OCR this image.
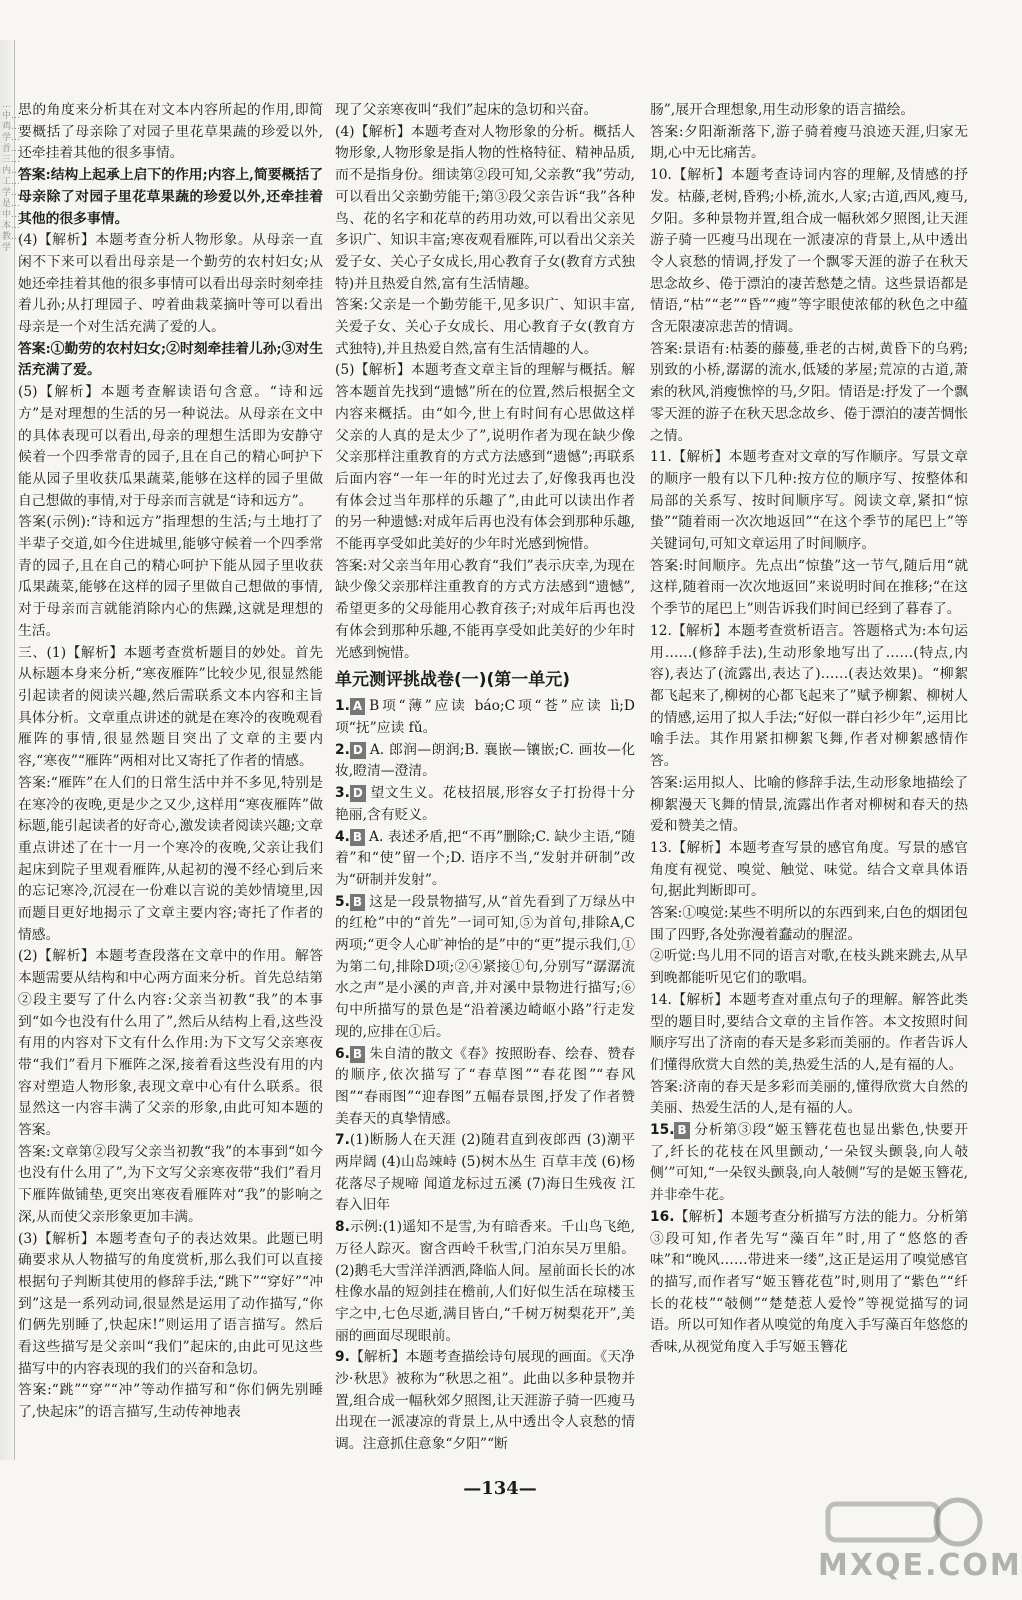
…中…鸡…学…首…三…内…工…学…是…中…本…教…学

思的角度来分析其在对文本内容所起的作用,即简要概括了母亲除了对园子里花草果蔬的珍爱以外,还牵挂着其他的很多事情。

答案:结构上起承上启下的作用;内容上,简要概括了母亲除了对园子里花草果蔬的珍爱以外,还牵挂着其他的很多事情。

(4)【解析】本题考查分析人物形象。从母亲一直闲不下来可以看出母亲是一个勤劳的农村妇女;从她还牵挂着其他的很多事情可以看出母亲时刻牵挂着儿孙;从打理园子、哼着曲栽菜摘叶等可以看出母亲是一个对生活充满了爱的人。

答案:①勤劳的农村妇女;②时刻牵挂着儿孙;③对生活充满了爱。

(5)【解析】本题考查解读语句含意。“诗和远方”是对理想的生活的另一种说法。从母亲在文中的具体表现可以看出,母亲的理想生活即为安静守候着一个四季常青的园子,且在自己的精心呵护下能从园子里收获瓜果蔬菜,能够在这样的园子里做自己想做的事情,对于母亲而言就是“诗和远方”。

答案(示例):“诗和远方”指理想的生活;与土地打了半辈子交道,如今住进城里,能够守候着一个四季常青的园子,且在自己的精心呵护下能从园子里收获瓜果蔬菜,能够在这样的园子里做自己想做的事情,对于母亲而言就能消除内心的焦躁,这就是理想的生活。

三、(1)【解析】本题考查赏析题目的妙处。首先从标题本身来分析,“寒夜雁阵”比较少见,很显然能引起读者的阅读兴趣,然后需联系文本内容和主旨具体分析。文章重点讲述的就是在寒冷的夜晚观看雁阵的事情,很显然题目突出了文章的主要内容,“寒夜”“雁阵”两相对比又寄托了作者的情感。

答案:“雁阵”在人们的日常生活中并不多见,特别是在寒冷的夜晚,更是少之又少,这样用“寒夜雁阵”做标题,能引起读者的好奇心,激发读者阅读兴趣;文章重点讲述了在十一月一个寒冷的夜晚,父亲让我们起床到院子里观看雁阵,从起初的漫不经心到后来的忘记寒冷,沉浸在一份难以言说的美妙情境里,因而题目更好地揭示了文章主要内容;寄托了作者的情感。

(2)【解析】本题考查段落在文章中的作用。解答本题需要从结构和中心两方面来分析。首先总结第②段主要写了什么内容:父亲当初教“我”的本事到“如今也没有什么用了”,然后从结构上看,这些没有用的内容对下文有什么作用:为下文写父亲寒夜带“我们”看月下雁阵之深,接着看这些没有用的内容对塑造人物形象,表现文章中心有什么联系。很显然这一内容丰满了父亲的形象,由此可知本题的答案。

答案:文章第②段写父亲当初教“我”的本事到“如今也没有什么用了”,为下文写父亲寒夜带“我们”看月下雁阵做铺垫,更突出寒夜看雁阵对“我”的影响之深,从而使父亲形象更加丰满。

(3)【解析】本题考查句子的表达效果。此题已明确要求从人物描写的角度赏析,那么我们可以直接根据句子判断其使用的修辞手法,“跳下”“穿好”“冲到”这是一系列动词,很显然是运用了动作描写,“你们俩先别睡了,快起床!”则运用了语言描写。然后看这些描写是父亲叫“我们”起床的,由此可见这些描写中的内容表现的我们的兴奋和急切。

答案:“跳”“穿”“冲”等动作描写和“你们俩先别睡了,快起床”的语言描写,生动传神地表

现了父亲寒夜叫“我们”起床的急切和兴奋。

(4)【解析】本题考查对人物形象的分析。概括人物形象,人物形象是指人物的性格特征、精神品质,而不是指身份。细读第②段可知,父亲教“我”劳动,可以看出父亲勤劳能干;第③段父亲告诉“我”各种鸟、花的名字和花草的药用功效,可以看出父亲见多识广、知识丰富;寒夜观看雁阵,可以看出父亲关爱子女、关心子女成长,用心教育子女(教育方式独特)并且热爱自然,富有生活情趣。

答案:父亲是一个勤劳能干,见多识广、知识丰富,关爱子女、关心子女成长、用心教育子女(教育方式独特),并且热爱自然,富有生活情趣的人。

(5)【解析】本题考查文章主旨的理解与概括。解答本题首先找到“遗憾”所在的位置,然后根据全文内容来概括。由“如今,世上有时间有心思做这样父亲的人真的是太少了”,说明作者为现在缺少像父亲那样注重教育的方式方法感到“遗憾”;再联系后面内容“一年一年的时光过去了,好像我再也没有体会过当年那样的乐趣了”,由此可以读出作者的另一种遗憾:对成年后再也没有体会到那种乐趣,不能再享受如此美好的少年时光感到惋惜。

答案:对父亲当年用心教育“我们”表示庆幸,为现在缺少像父亲那样注重教育的方式方法感到“遗憾”,希望更多的父母能用心教育孩子;对成年后再也没有体会到那种乐趣,不能再享受如此美好的少年时光感到惋惜。

单元测评挑战卷(一)(第一单元)

1. A B项“薄”应读 báo;C项“苍”应读 lì;D项“抚”应读 fǔ。

2. D A. 郎润—朗润;B. 襄嵌—镶嵌;C. 画妆—化妆,瞪清—澄清。

3. D 望文生义。花枝招展,形容女子打扮得十分艳丽,含有贬义。

4. B A. 表述矛盾,把“不再”删除;C. 缺少主语,“随着”和“使”留一个;D. 语序不当,“发射并研制”改为“研制并发射”。

5. B 这是一段景物描写,从“首先看到了万绿丛中的红枪”中的“首先”一词可知,⑤为首句,排除A,C两项;“更令人心旷神怡的是”中的“更”提示我们,①为第二句,排除D项;②④紧接①句,分别写“潺潺流水之声”是小溪的声音,并对溪中景物进行描写;⑥句中所描写的景色是“沿着溪边崎岖小路”行走发现的,应排在①后。

6. B 朱自清的散文《春》按照盼春、绘春、赞春的顺序,依次描写了“春草图”“春花图”“春风图”“春雨图”“迎春图”五幅春景图,抒发了作者赞美春天的真挚情感。

7.(1)断肠人在天涯 (2)随君直到夜郎西 (3)潮平两岸阔 (4)山岛竦峙 (5)树木丛生 百草丰茂 (6)杨花落尽子规啼 闻道龙标过五溪 (7)海日生残夜 江春入旧年

8.示例:(1)遥知不是雪,为有暗香来。千山鸟飞绝,万径人踪灭。窗含西岭千秋雪,门泊东吴万里船。(2)鹅毛大雪洋洋洒洒,降临人间。屋前面长长的冰柱像水晶的短剑挂在檐前,人们好似生活在琼楼玉宇之中,七色尽逝,满目皆白,“千树万树梨花开”,美丽的画面尽现眼前。

9.【解析】本题考查描绘诗句展现的画面。《天净沙·秋思》被称为“秋思之祖”。此曲以多种景物并置,组合成一幅秋郊夕照图,让天涯游子骑一匹瘦马出现在一派凄凉的背景上,从中透出令人哀愁的情调。注意抓住意象“夕阳”“断

肠”,展开合理想象,用生动形象的语言描绘。

答案:夕阳渐渐落下,游子骑着瘦马浪迹天涯,归家无期,心中无比痛苦。

10.【解析】本题考查诗词内容的理解,及情感的抒发。枯藤,老树,昏鸦;小桥,流水,人家;古道,西风,瘦马,夕阳。多种景物并置,组合成一幅秋郊夕照图,让天涯游子骑一匹瘦马出现在一派凄凉的背景上,从中透出令人哀愁的情调,抒发了一个飘零天涯的游子在秋天思念故乡、倦于漂泊的凄苦愁楚之情。这些景语都是情语,“枯”“老”“昏”“瘦”等字眼使浓郁的秋色之中蕴含无限凄凉悲苦的情调。

答案:景语有:枯萎的藤蔓,垂老的古树,黄昏下的乌鸦;别致的小桥,潺潺的流水,低矮的茅屋;荒凉的古道,萧索的秋风,消瘦憔悴的马,夕阳。情语是:抒发了一个飘零天涯的游子在秋天思念故乡、倦于漂泊的凄苦惆怅之情。

11.【解析】本题考查对文章的写作顺序。写景文章的顺序一般有以下几种:按方位的顺序写、按整体和局部的关系写、按时间顺序写。阅读文章,紧扣“惊蛰”“随着雨一次次地返回”“在这个季节的尾巴上”等关键词句,可知文章运用了时间顺序。

答案:时间顺序。先点出“惊蛰”这一节气,随后用“就这样,随着雨一次次地返回”来说明时间在推移;“在这个季节的尾巴上”则告诉我们时间已经到了暮春了。

12.【解析】本题考查赏析语言。答题格式为:本句运用……(修辞手法),生动形象地写出了……(特点,内容),表达了(流露出,表达了)……(表达效果)。“柳絮都飞起来了,柳树的心都飞起来了”赋予柳絮、柳树人的情感,运用了拟人手法;“好似一群白衫少年”,运用比喻手法。其作用紧扣柳絮飞舞,作者对柳絮感情作答。

答案:运用拟人、比喻的修辞手法,生动形象地描绘了柳絮漫天飞舞的情景,流露出作者对柳树和春天的热爱和赞美之情。

13.【解析】本题考查写景的感官角度。写景的感官角度有视觉、嗅觉、触觉、味觉。结合文章具体语句,据此判断即可。

答案:①嗅觉:某些不明所以的东西到来,白色的烟团包围了四野,各处弥漫着蠢动的腥涩。

②听觉:鸟儿用不同的语言对歌,在枝头跳来跳去,从早到晚都能听见它们的歌唱。

14.【解析】本题考查对重点句子的理解。解答此类型的题目时,要结合文章的主旨作答。本文按照时间顺序写出了济南的春天是多彩而美丽的。作者告诉人们懂得欣赏大自然的美,热爱生活的人,是有福的人。

答案:济南的春天是多彩而美丽的,懂得欣赏大自然的美丽、热爱生活的人,是有福的人。

15. B 分析第③段“姬玉簪花苞也显出紫色,快要开了,纤长的花枝在风里颤动,‘一朵钗头颤袅,向人攲侧’”可知,“一朵钗头颤袅,向人攲侧”写的是姬玉簪花,并非牵牛花。

16.【解析】本题考查分析描写方法的能力。分析第③段可知,作者先写“藻百年”时,用了“悠悠的香味”和“晚风……带进来一缕”,这正是运用了嗅觉感官的描写,而作者写“姬玉簪花苞”时,则用了“紫色”“纤长的花枝”“攲侧”“楚楚惹人爱怜”等视觉描写的词语。所以可知作者从嗅觉的角度入手写藻百年悠悠的香味,从视觉角度入手写姬玉簪花

—134—
MXQE.COM
